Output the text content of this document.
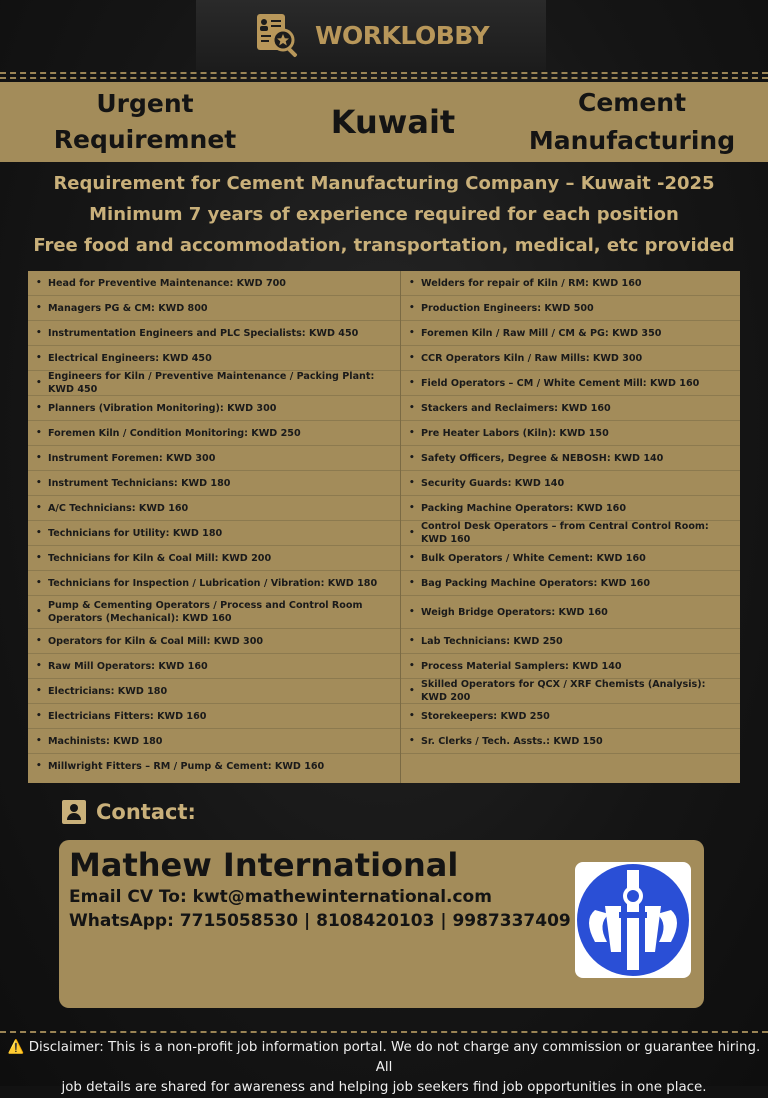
WORKLOBBY
Urgent
Requiremnet	Kuwait
Cement
Manufacturing
Requirement for Cement Manufacturing Company – Kuwait -2025
Minimum 7 years of experience required for each position
Free food and accommodation, transportation, medical, etc provided
• Head for Preventive Maintenance: KWD 700
• Managers PG & CM: KWD 800
• Instrumentation Engineers and PLC Specialists: KWD 450
• Electrical Engineers: KWD 450
•
Engineers for Kiln / Preventive Maintenance / Packing Plant: KWD 450
• Planners (Vibration Monitoring): KWD 300
• Foremen Kiln / Condition Monitoring: KWD 250
• Instrument Foremen: KWD 300
• Instrument Technicians: KWD 180
• A/C Technicians: KWD 160
• Technicians for Utility: KWD 180
• Technicians for Kiln & Coal Mill: KWD 200
• Technicians for Inspection / Lubrication / Vibration: KWD 180
•
Pump & Cementing Operators / Process and Control Room Operators (Mechanical): KWD 160
• Operators for Kiln & Coal Mill: KWD 300
• Raw Mill Operators: KWD 160
• Electricians: KWD 180
• Electricians Fitters: KWD 160
• Machinists: KWD 180
• Millwright Fitters – RM / Pump & Cement: KWD 160
• Welders for repair of Kiln / RM: KWD 160
• Production Engineers: KWD 500
• Foremen Kiln / Raw Mill / CM & PG: KWD 350
• CCR Operators Kiln / Raw Mills: KWD 300
• Field Operators – CM / White Cement Mill: KWD 160
• Stackers and Reclaimers: KWD 160
• Pre Heater Labors (Kiln): KWD 150
• Safety Officers, Degree & NEBOSH: KWD 140
• Security Guards: KWD 140
• Packing Machine Operators: KWD 160
•
Control Desk Operators – from Central Control Room: KWD 160
• Bulk Operators / White Cement: KWD 160
• Bag Packing Machine Operators: KWD 160
• Weigh Bridge Operators: KWD 160
• Lab Technicians: KWD 250
• Process Material Samplers: KWD 140
•
Skilled Operators for QCX / XRF Chemists (Analysis): KWD 200
• Storekeepers: KWD 250
• Sr. Clerks / Tech. Assts.: KWD 150
Contact:
Mathew International
Email CV To: kwt@mathewinternational.com
WhatsApp: 7715058530 | 8108420103 | 9987337409
⚠️ Disclaimer: This is a non-profit job information portal. We do not charge any commission or guarantee hiring. All
job details are shared for awareness and helping job seekers find job opportunities in one place.
